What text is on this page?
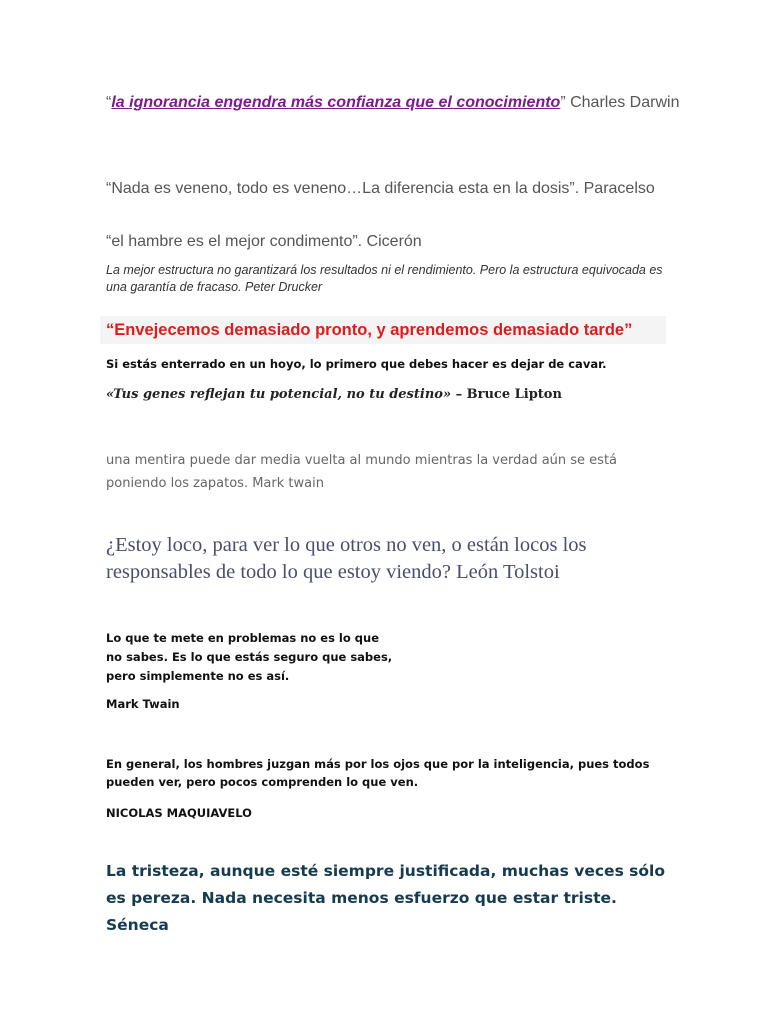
“la ignorancia engendra más confianza que el conocimiento” Charles Darwin

“Nada es veneno, todo es veneno…La diferencia esta en la dosis”. Paracelso

“el hambre es el mejor condimento”. Cicerón

La mejor estructura no garantizará los resultados ni el rendimiento. Pero la estructura equivocada es una garantía de fracaso. Peter Drucker

“Envejecemos demasiado pronto, y aprendemos demasiado tarde”

Si estás enterrado en un hoyo, lo primero que debes hacer es dejar de cavar.

«Tus genes reflejan tu potencial, no tu destino» – Bruce Lipton

una mentira puede dar media vuelta al mundo mientras la verdad aún se está poniendo los zapatos. Mark twain

¿Estoy loco, para ver lo que otros no ven, o están locos los responsables de todo lo que estoy viendo? León Tolstoi

Lo que te mete en problemas no es lo que
no sabes. Es lo que estás seguro que sabes,
pero simplemente no es así.

Mark Twain

En general, los hombres juzgan más por los ojos que por la inteligencia, pues todos pueden ver, pero pocos comprenden lo que ven.

NICOLAS MAQUIAVELO

La tristeza, aunque esté siempre justificada, muchas veces sólo es pereza. Nada necesita menos esfuerzo que estar triste. Séneca
